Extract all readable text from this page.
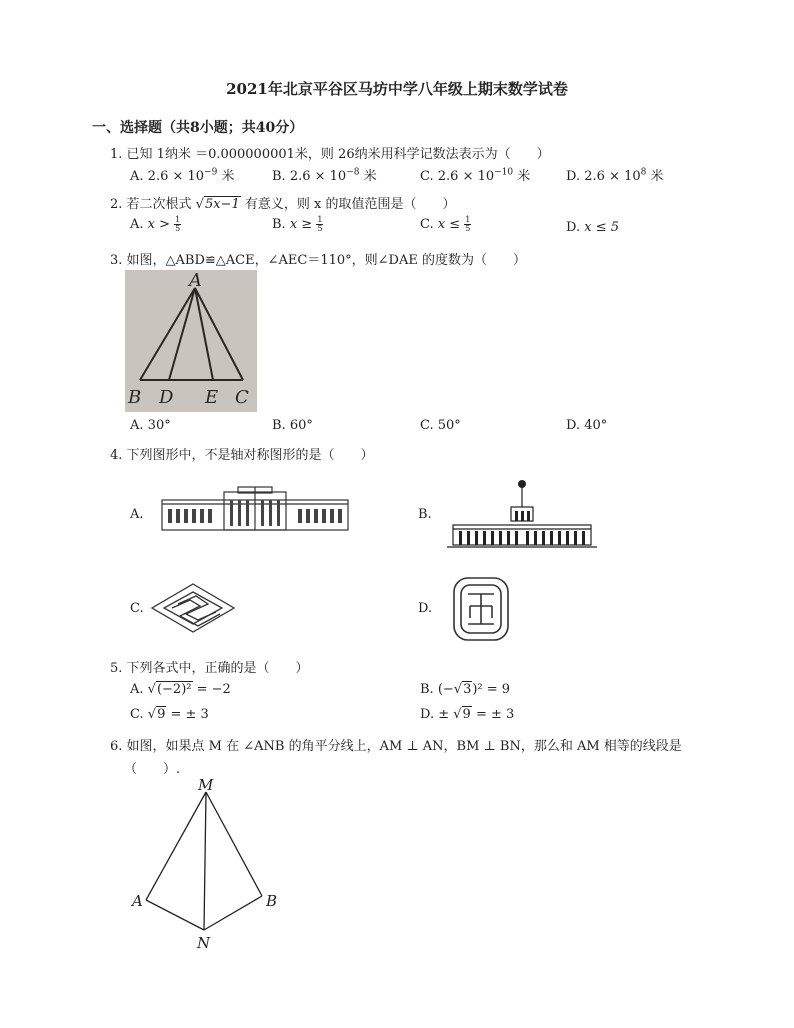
2021年北京平谷区马坊中学八年级上期末数学试卷
一、选择题（共8小题；共40分）
1. 已知 1纳米 ＝0.000000001米，则 26纳米用科学记数法表示为（　　）
A. $2.6 \times 10^{-9}$ 米	B. $2.6 \times 10^{-8}$ 米	C. $2.6 \times 10^{-10}$ 米	D. $2.6 \times 10^8$ 米
2. 若二次根式 √5x−1 有意义，则 x 的取值范围是（　　）
A. $x > \frac{1}{5}$	B. $x \ge \frac{1}{5}$	C. $x \le \frac{1}{5}$	D. x ≤ 5
3. 如图，△ABD≌△ACE，∠AEC＝110°，则∠DAE 的度数为（　　）
A
B D E C
A. 30°	B. 60°	C. 50°	D. 40°
4. 下列图形中，不是轴对称图形的是（　　）
A.	B.
C.	D.
5. 下列各式中，正确的是（　　）
A. √(−2)² = −2	B. (−√3)² = 9
C. √9 = ± 3	D. ± √9 = ± 3
6. 如图，如果点 M 在 ∠ANB 的角平分线上，AM ⊥ AN，BM ⊥ BN，那么和 AM 相等的线段是
（　　）.
M
A	B
N
